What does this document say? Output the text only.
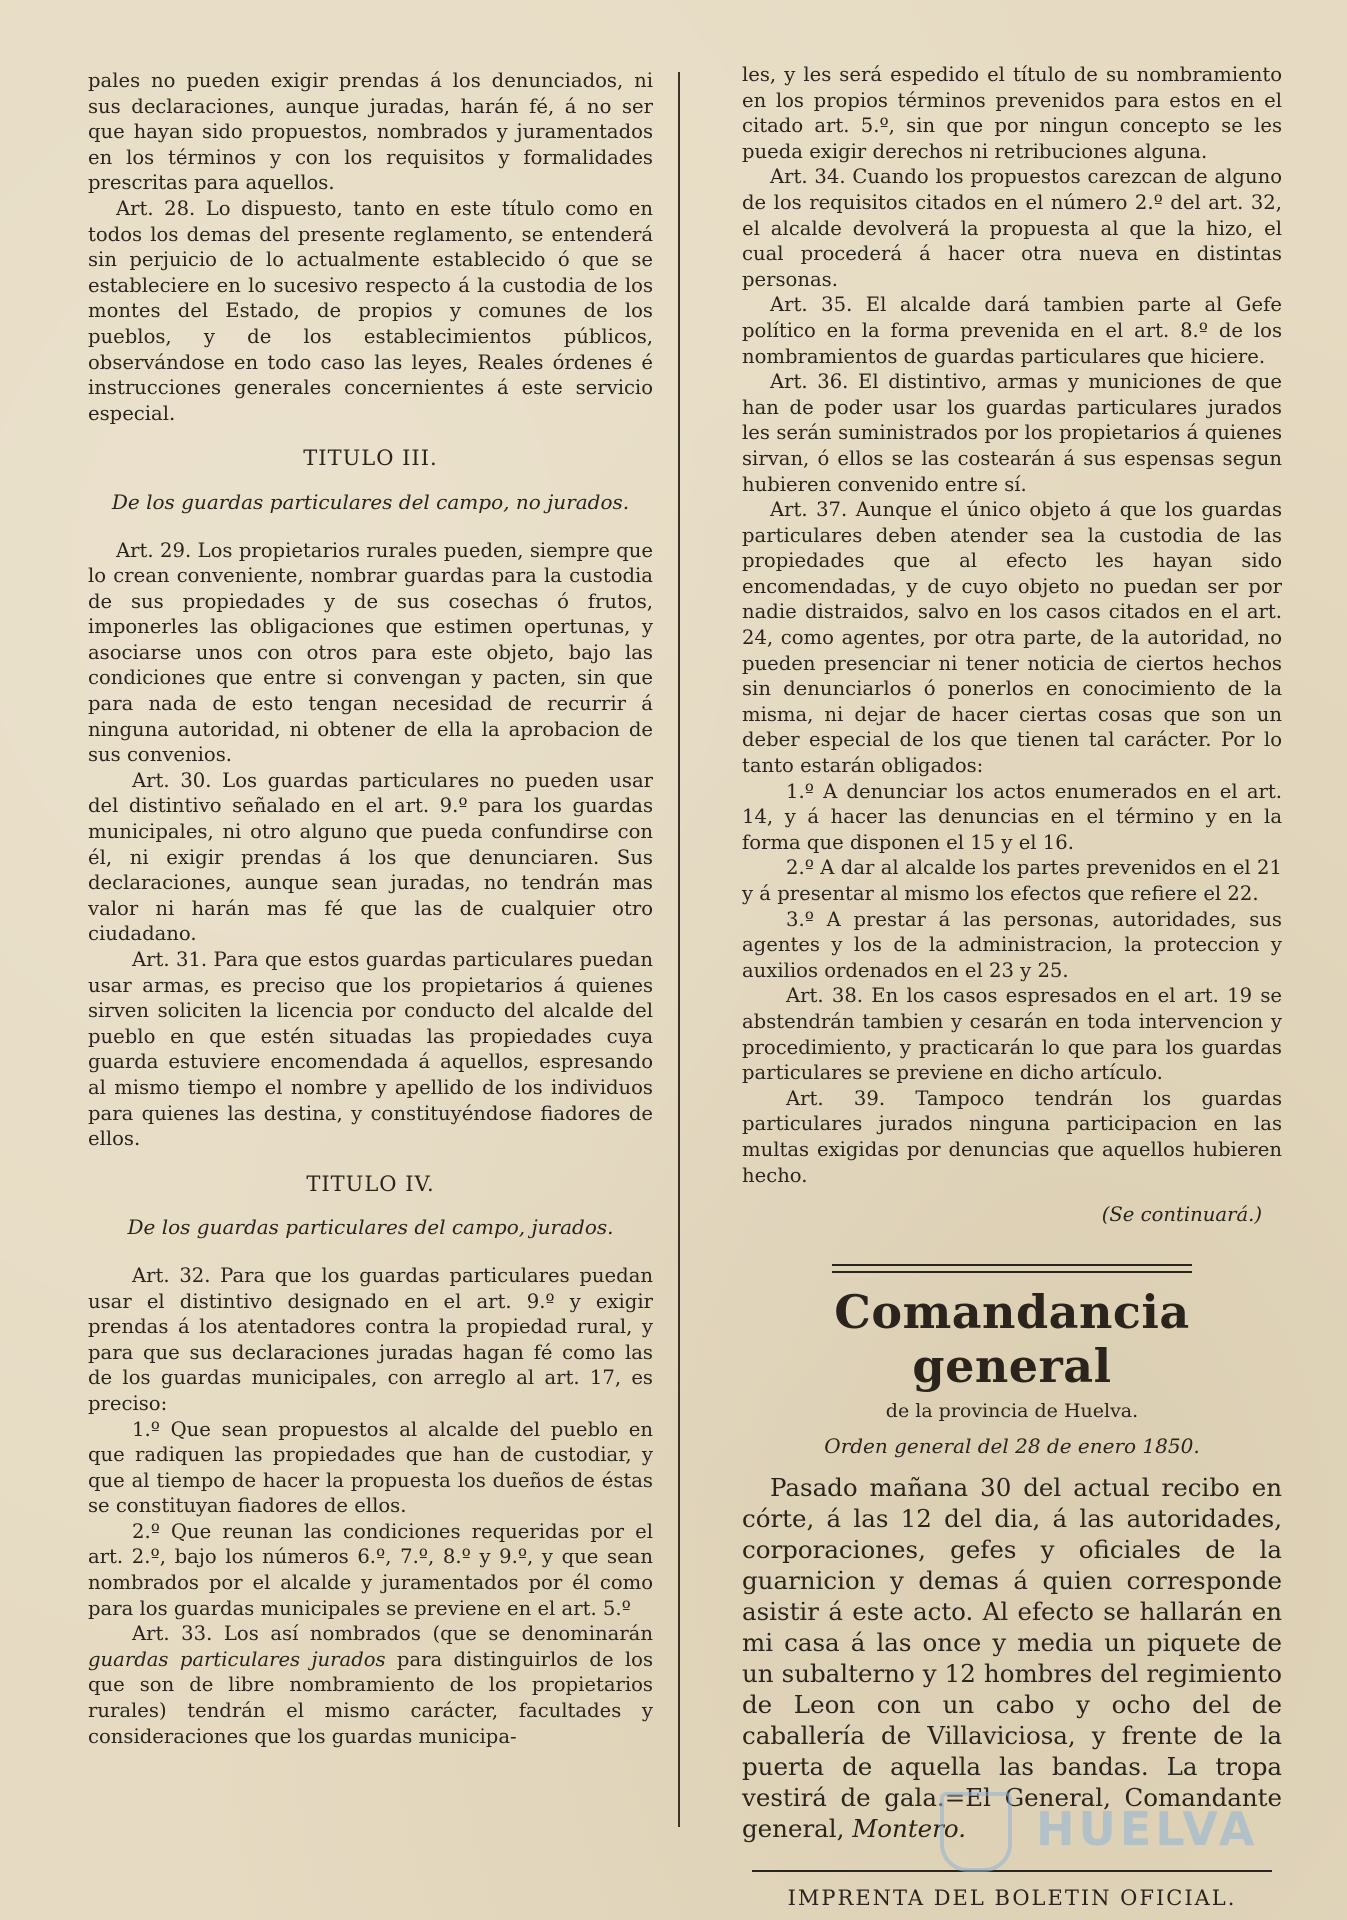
pales no pueden exigir prendas á los denunciados, ni sus declaraciones, aunque juradas, harán fé, á no ser que hayan sido propuestos, nombrados y juramentados en los términos y con los requisitos y formalidades prescritas para aquellos.

Art. 28. Lo dispuesto, tanto en este título como en todos los demas del presente reglamento, se entenderá sin perjuicio de lo actualmente establecido ó que se estableciere en lo sucesivo respecto á la custodia de los montes del Estado, de propios y comunes de los pueblos, y de los establecimientos públicos, observándose en todo caso las leyes, Reales órdenes é instrucciones generales concernientes á este servicio especial.

TITULO III.
De los guardas particulares del campo, no jurados.

Art. 29. Los propietarios rurales pueden, siempre que lo crean conveniente, nombrar guardas para la custodia de sus propiedades y de sus cosechas ó frutos, imponerles las obligaciones que estimen opertunas, y asociarse unos con otros para este objeto, bajo las condiciones que entre si convengan y pacten, sin que para nada de esto tengan necesidad de recurrir á ninguna autoridad, ni obtener de ella la aprobacion de sus convenios.

Art. 30. Los guardas particulares no pueden usar del distintivo señalado en el art. 9.º para los guardas municipales, ni otro alguno que pueda confundirse con él, ni exigir prendas á los que denunciaren. Sus declaraciones, aunque sean juradas, no tendrán mas valor ni harán mas fé que las de cualquier otro ciudadano.

Art. 31. Para que estos guardas particulares puedan usar armas, es preciso que los propietarios á quienes sirven soliciten la licencia por conducto del alcalde del pueblo en que estén situadas las propiedades cuya guarda estuviere encomendada á aquellos, espresando al mismo tiempo el nombre y apellido de los individuos para quienes las destina, y constituyéndose fiadores de ellos.

TITULO IV.
De los guardas particulares del campo, jurados.

Art. 32. Para que los guardas particulares puedan usar el distintivo designado en el art. 9.º y exigir prendas á los atentadores contra la propiedad rural, y para que sus declaraciones juradas hagan fé como las de los guardas municipales, con arreglo al art. 17, es preciso:

1.º Que sean propuestos al alcalde del pueblo en que radiquen las propiedades que han de custodiar, y que al tiempo de hacer la propuesta los dueños de éstas se constituyan fiadores de ellos.

2.º Que reunan las condiciones requeridas por el art. 2.º, bajo los números 6.º, 7.º, 8.º y 9.º, y que sean nombrados por el alcalde y juramentados por él como para los guardas municipales se previene en el art. 5.º

Art. 33. Los así nombrados (que se denominarán guardas particulares jurados para distinguirlos de los que son de libre nombramiento de los propietarios rurales) tendrán el mismo carácter, facultades y consideraciones que los guardas municipa-

les, y les será espedido el título de su nombramiento en los propios términos prevenidos para estos en el citado art. 5.º, sin que por ningun concepto se les pueda exigir derechos ni retribuciones alguna.

Art. 34. Cuando los propuestos carezcan de alguno de los requisitos citados en el número 2.º del art. 32, el alcalde devolverá la propuesta al que la hizo, el cual procederá á hacer otra nueva en distintas personas.

Art. 35. El alcalde dará tambien parte al Gefe político en la forma prevenida en el art. 8.º de los nombramientos de guardas particulares que hiciere.

Art. 36. El distintivo, armas y municiones de que han de poder usar los guardas particulares jurados les serán suministrados por los propietarios á quienes sirvan, ó ellos se las costearán á sus espensas segun hubieren convenido entre sí.

Art. 37. Aunque el único objeto á que los guardas particulares deben atender sea la custodia de las propiedades que al efecto les hayan sido encomendadas, y de cuyo objeto no puedan ser por nadie distraidos, salvo en los casos citados en el art. 24, como agentes, por otra parte, de la autoridad, no pueden presenciar ni tener noticia de ciertos hechos sin denunciarlos ó ponerlos en conocimiento de la misma, ni dejar de hacer ciertas cosas que son un deber especial de los que tienen tal carácter. Por lo tanto estarán obligados:

1.º A denunciar los actos enumerados en el art. 14, y á hacer las denuncias en el término y en la forma que disponen el 15 y el 16.

2.º A dar al alcalde los partes prevenidos en el 21 y á presentar al mismo los efectos que refiere el 22.

3.º A prestar á las personas, autoridades, sus agentes y los de la administracion, la proteccion y auxilios ordenados en el 23 y 25.

Art. 38. En los casos espresados en el art. 19 se abstendrán tambien y cesarán en toda intervencion y procedimiento, y practicarán lo que para los guardas particulares se previene en dicho artículo.

Art. 39. Tampoco tendrán los guardas particulares jurados ninguna participacion en las multas exigidas por denuncias que aquellos hubieren hecho.

(Se continuará.)
Comandancia general
de la provincia de Huelva.
Orden general del 28 de enero 1850.

Pasado mañana 30 del actual recibo en córte, á las 12 del dia, á las autoridades, corporaciones, gefes y oficiales de la guarnicion y demas á quien corresponde asistir á este acto. Al efecto se hallarán en mi casa á las once y media un piquete de un subalterno y 12 hombres del regimiento de Leon con un cabo y ocho del de caballería de Villaviciosa, y frente de la puerta de aquella las bandas. La tropa vestirá de gala.=El General, Comandante general, Montero.

IMPRENTA DEL BOLETIN OFICIAL.
HUELVA
